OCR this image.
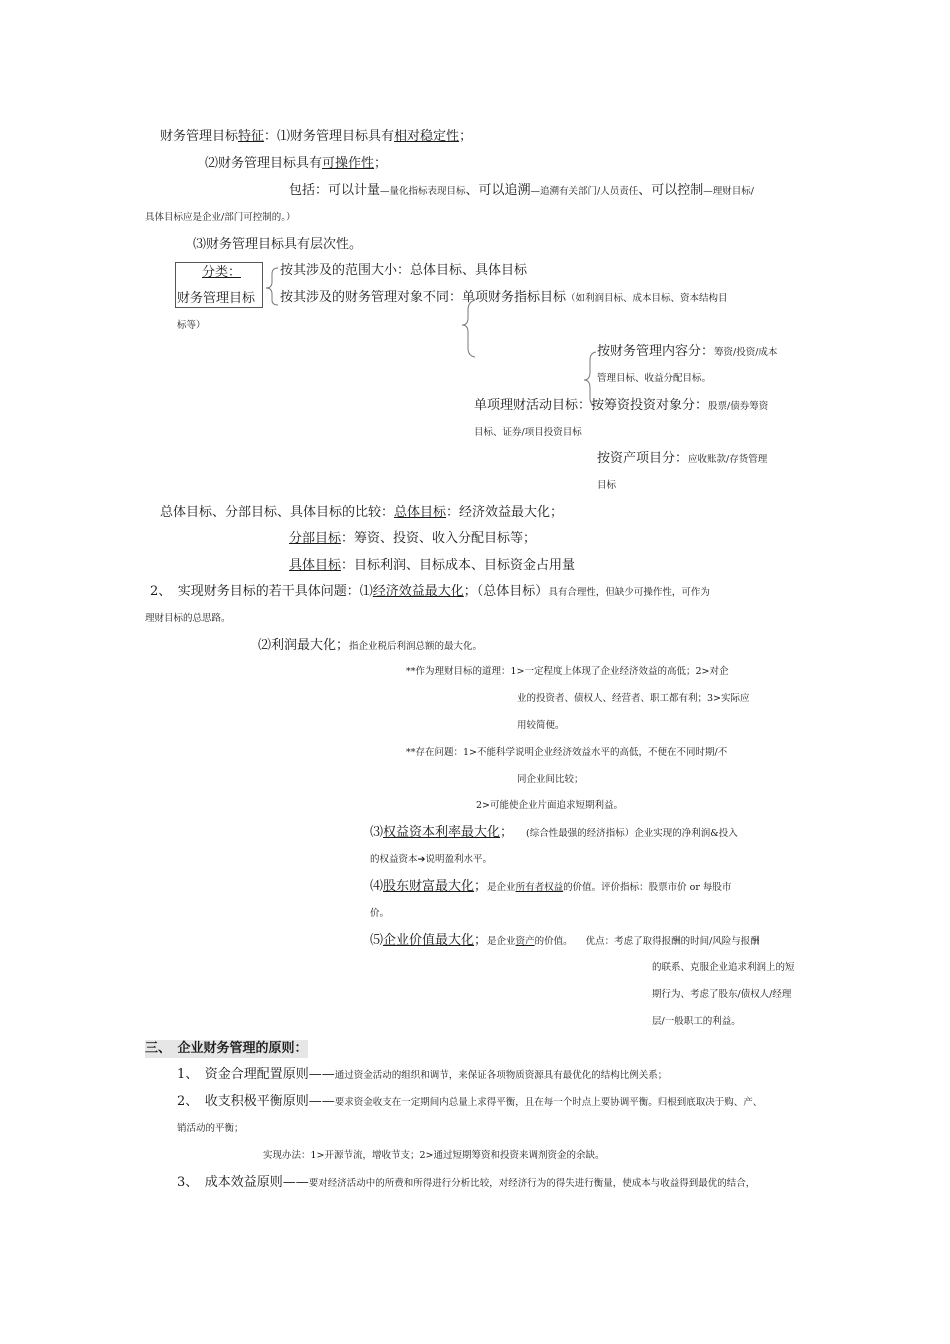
财务管理目标特征：⑴财务管理目标具有相对稳定性；
⑵财务管理目标具有可操作性；
包括：可以计量—量化指标表现目标、可以追溯—追溯有关部门/人员责任、可以控制—理财目标/
具体目标应是企业/部门可控制的。）
⑶财务管理目标具有层次性。
分类：
财务管理目标
按其涉及的范围大小：总体目标、具体目标
按其涉及的财务管理对象不同：单项财务指标目标（如利润目标、成本目标、资本结构目
标等）
按财务管理内容分：筹资/投资/成本
管理目标、收益分配目标。
单项理财活动目标：按筹资投资对象分：股票/债券筹资
目标、证券/项目投资目标
按资产项目分：应收账款/存货管理
目标
总体目标、分部目标、具体目标的比较：总体目标：经济效益最大化；
分部目标：筹资、投资、收入分配目标等；
具体目标：目标利润、目标成本、目标资金占用量
2、　实现财务目标的若干具体问题：⑴经济效益最大化；（总体目标）具有合理性，但缺少可操作性，可作为
理财目标的总思路。
⑵利润最大化；指企业税后利润总额的最大化。
**作为理财目标的道理：1>一定程度上体现了企业经济效益的高低；2>对企
业的投资者、债权人、经营者、职工都有利；3>实际应
用较简便。
**存在问题：1>不能科学说明企业经济效益水平的高低，不便在不同时期/不
同企业间比较；
2>可能使企业片面追求短期利益。
⑶权益资本利率最大化；  (综合性最强的经济指标）企业实现的净利润&投入
的权益资本➔说明盈利水平。
⑷股东财富最大化；是企业所有者权益的价值。评价指标：股票市价 or 每股市
价。
⑸企业价值最大化；是企业资产的价值。  优点：考虑了取得报酬的时间/风险与报酬
的联系、克服企业追求利润上的短
期行为、考虑了股东/债权人/经理
层/一般职工的利益。
三、　企业财务管理的原则：
1、　资金合理配置原则——通过资金活动的组织和调节，来保证各项物质资源具有最优化的结构比例关系；
2、　收支积极平衡原则——要求资金收支在一定期间内总量上求得平衡，且在每一个时点上要协调平衡。归根到底取决于购、产、
销活动的平衡；
实现办法：1>开源节流，增收节支；2>通过短期筹资和投资来调剂资金的余缺。
3、　成本效益原则——要对经济活动中的所费和所得进行分析比较，对经济行为的得失进行衡量，使成本与收益得到最优的结合，
